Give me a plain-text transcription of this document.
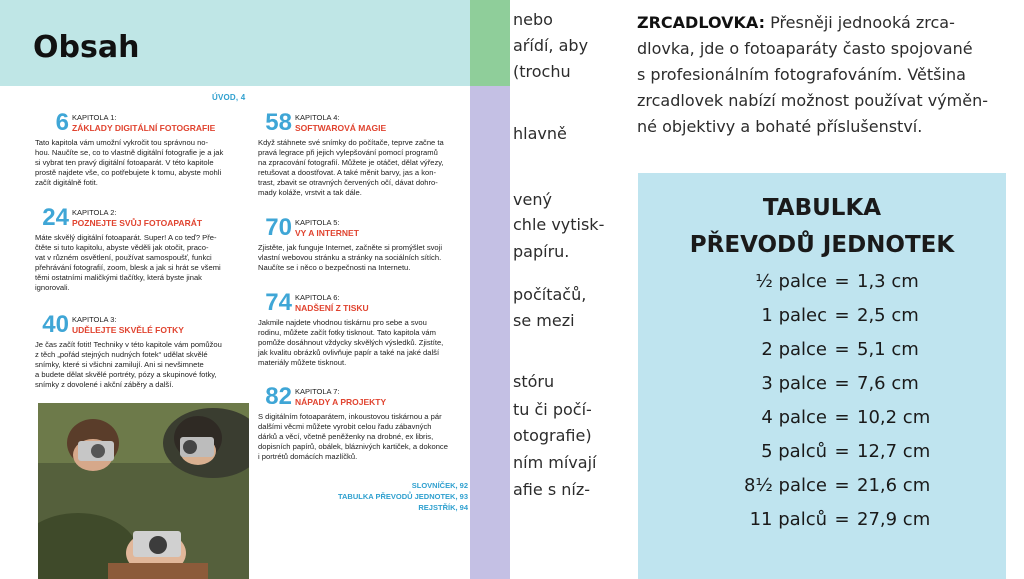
Obsah
ÚVOD, 4
6 KAPITOLA 1:
ZÁKLADY DIGITÁLNÍ FOTOGRAFIE
Tato kapitola vám umožní vykročit tou správnou no-
hou. Naučíte se, co to vlastně digitální fotografie je a jak
si vybrat ten pravý digitální fotoaparát. V této kapitole
prostě najdete vše, co potřebujete k tomu, abyste mohli
začít digitálně fotit.
24 KAPITOLA 2:
POZNEJTE SVŮJ FOTOAPARÁT
Máte skvělý digitální fotoaparát. Super! A co teď? Pře-
čtěte si tuto kapitolu, abyste věděli jak otočit, praco-
vat v různém osvětlení, používat samospoušť, funkci
přehrávání fotografií, zoom, blesk a jak si hrát se všemi
těmi ostatními maličkými tlačítky, která byste jinak
ignorovali.
40 KAPITOLA 3:
UDĚLEJTE SKVĚLÉ FOTKY
Je čas začít fotit! Techniky v této kapitole vám pomůžou
z těch „pořád stejných nudných fotek“ udělat skvělé
snímky, které si všichni zamilují. Ani si nevšimnete
a budete dělat skvělé portréty, pózy a skupinové fotky,
snímky z dovolené i akční záběry a další.
58 KAPITOLA 4:
SOFTWAROVÁ MAGIE
Když stáhnete své snímky do počítače, teprve začne ta
pravá legrace při jejich vylepšování pomocí programů
na zpracování fotografií. Můžete je otáčet, dělat výřezy,
retušovat a doostřovat. A také měnit barvy, jas a kon-
trast, zbavit se otravných červených očí, dávat dohro-
mady koláže, vrstvit a tak dále.
70 KAPITOLA 5:
VY A INTERNET
Zjistěte, jak funguje Internet, začněte si promýšlet svoji
vlastní webovou stránku a stránky na sociálních sítích.
Naučíte se i něco o bezpečnosti na Internetu.
74 KAPITOLA 6:
NADŠENÍ Z TISKU
Jakmile najdete vhodnou tiskárnu pro sebe a svou
rodinu, můžete začít fotky tisknout. Tato kapitola vám
pomůže dosáhnout vždycky skvělých výsledků. Zjistíte,
jak kvalitu obrázků ovlivňuje papír a také na jaké další
materiály můžete tisknout.
82 KAPITOLA 7:
NÁPADY A PROJEKTY
S digitálním fotoaparátem, inkoustovou tiskárnou a pár
dalšími věcmi můžete vyrobit celou řadu zábavných
dárků a věcí, včetně peněženky na drobné, ex libris,
dopisních papírů, obálek, bláznivých kartiček, a dokonce
i portrétů domácích mazlíčků.
SLOVNÍČEK, 92
TABULKA PŘEVODŮ JEDNOTEK, 93
REJSTŘÍK, 94
nebo
aŕídí, aby
(trochu
hlavně
vený
chle vytisk-
papíru.
počítačů,
se mezi
stóru
tu či počí-
otografie)
ním mívají
afie s níz-
ZRCADLOVKA: Přesněji jednooká zrca-
dlovka, jde o fotoaparáty často spojované
s profesionálním fotografováním. Většina
zrcadlovek nabízí možnost používat výměn-
né objektivy a bohaté příslušenství.
TABULKA
PŘEVODŮ JEDNOTEK
½ palce = 1,3 cm
1 palec = 2,5 cm
2 palce = 5,1 cm
3 palce = 7,6 cm
4 palce = 10,2 cm
5 palců = 12,7 cm
8½ palce = 21,6 cm
11 palců = 27,9 cm
